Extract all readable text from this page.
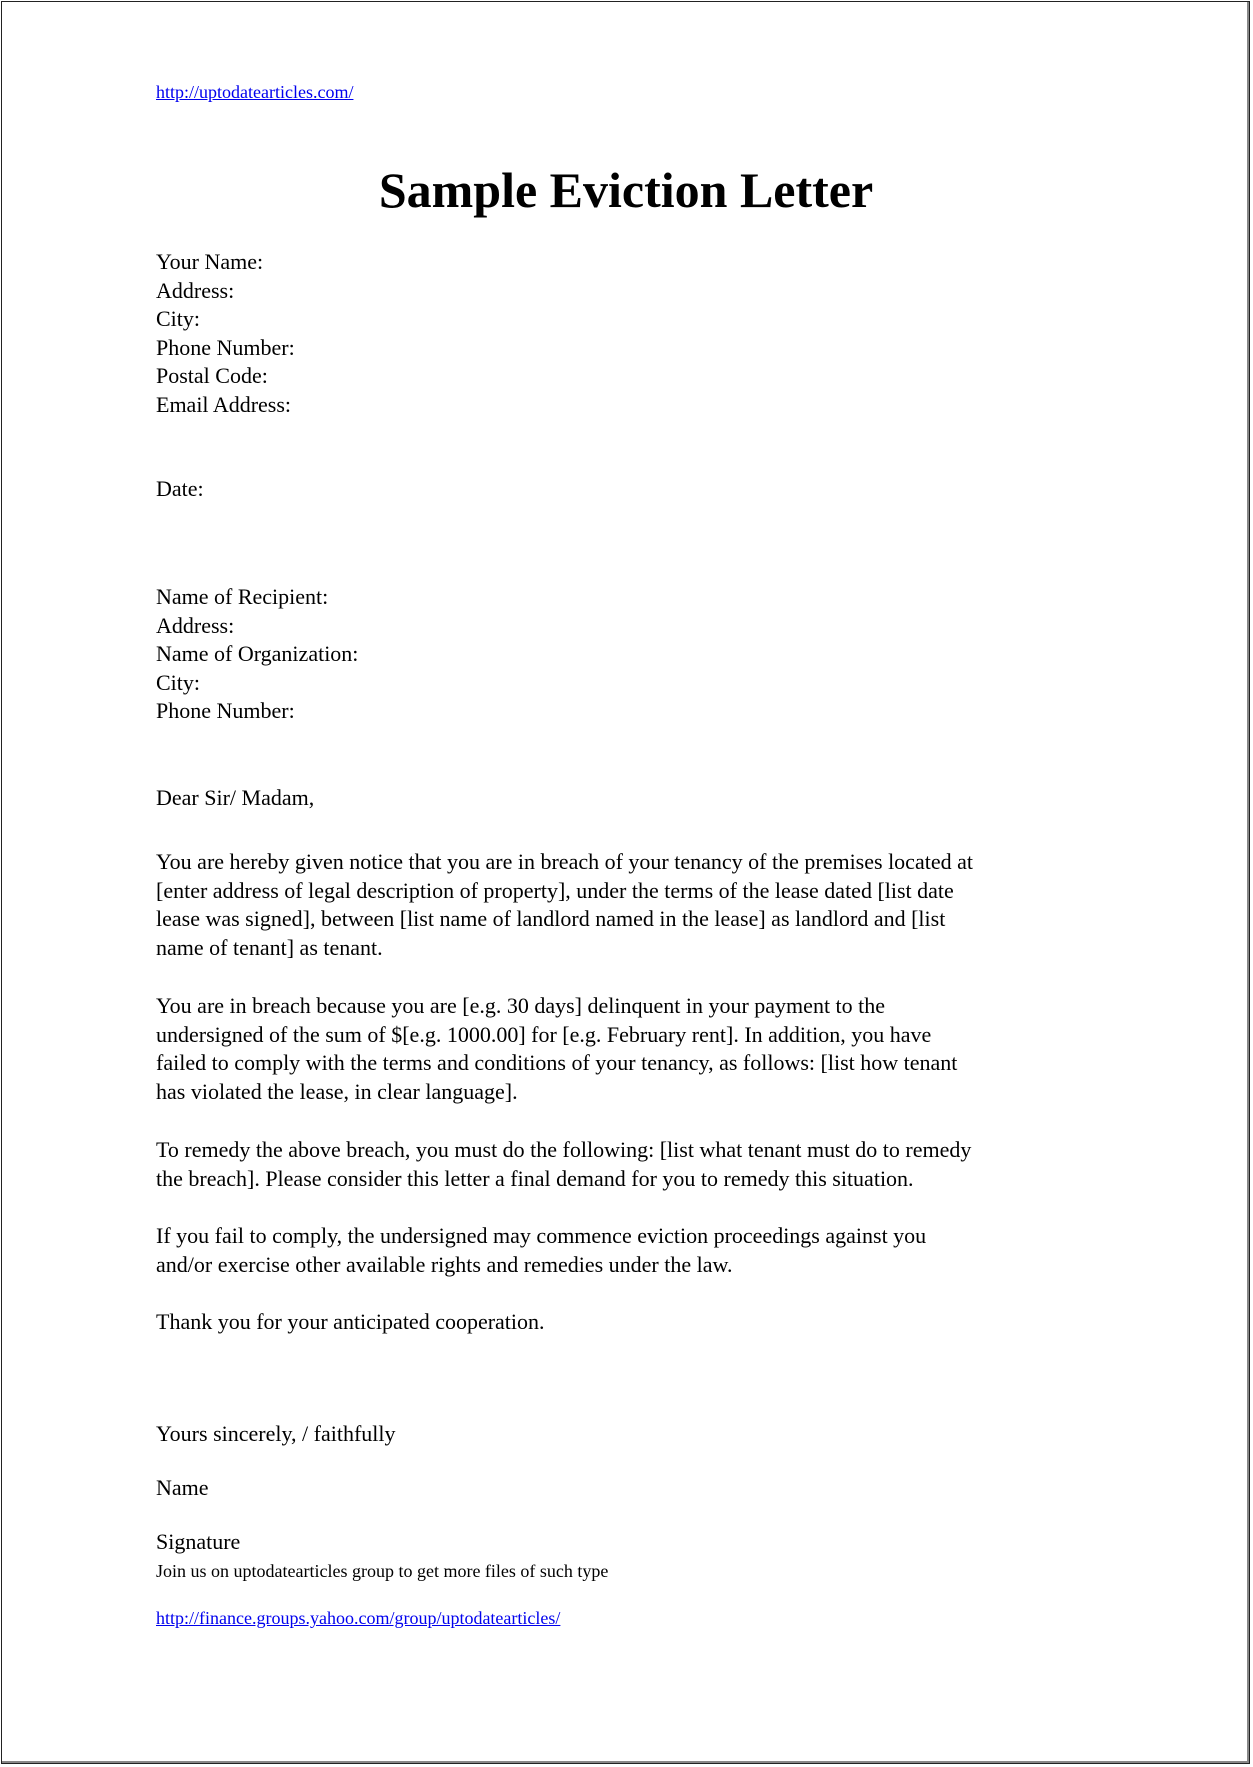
http://uptodatearticles.com/
Sample Eviction Letter
Your Name:
Address:
City:
Phone Number:
Postal Code:
Email Address:
Date:
Name of Recipient:
Address:
Name of Organization:
City:
Phone Number:
Dear Sir/ Madam,
You are hereby given notice that you are in breach of your tenancy of the premises located at
[enter address of legal description of property], under the terms of the lease dated [list date
lease was signed], between [list name of landlord named in the lease] as landlord and [list
name of tenant] as tenant.
You are in breach because you are [e.g. 30 days] delinquent in your payment to the
undersigned of the sum of $[e.g. 1000.00] for [e.g. February rent]. In addition, you have
failed to comply with the terms and conditions of your tenancy, as follows: [list how tenant
has violated the lease, in clear language].
To remedy the above breach, you must do the following: [list what tenant must do to remedy
the breach]. Please consider this letter a final demand for you to remedy this situation.
If you fail to comply, the undersigned may commence eviction proceedings against you
and/or exercise other available rights and remedies under the law.
Thank you for your anticipated cooperation.
Yours sincerely, / faithfully
Name
Signature
Join us on uptodatearticles group to get more files of such type
http://finance.groups.yahoo.com/group/uptodatearticles/
